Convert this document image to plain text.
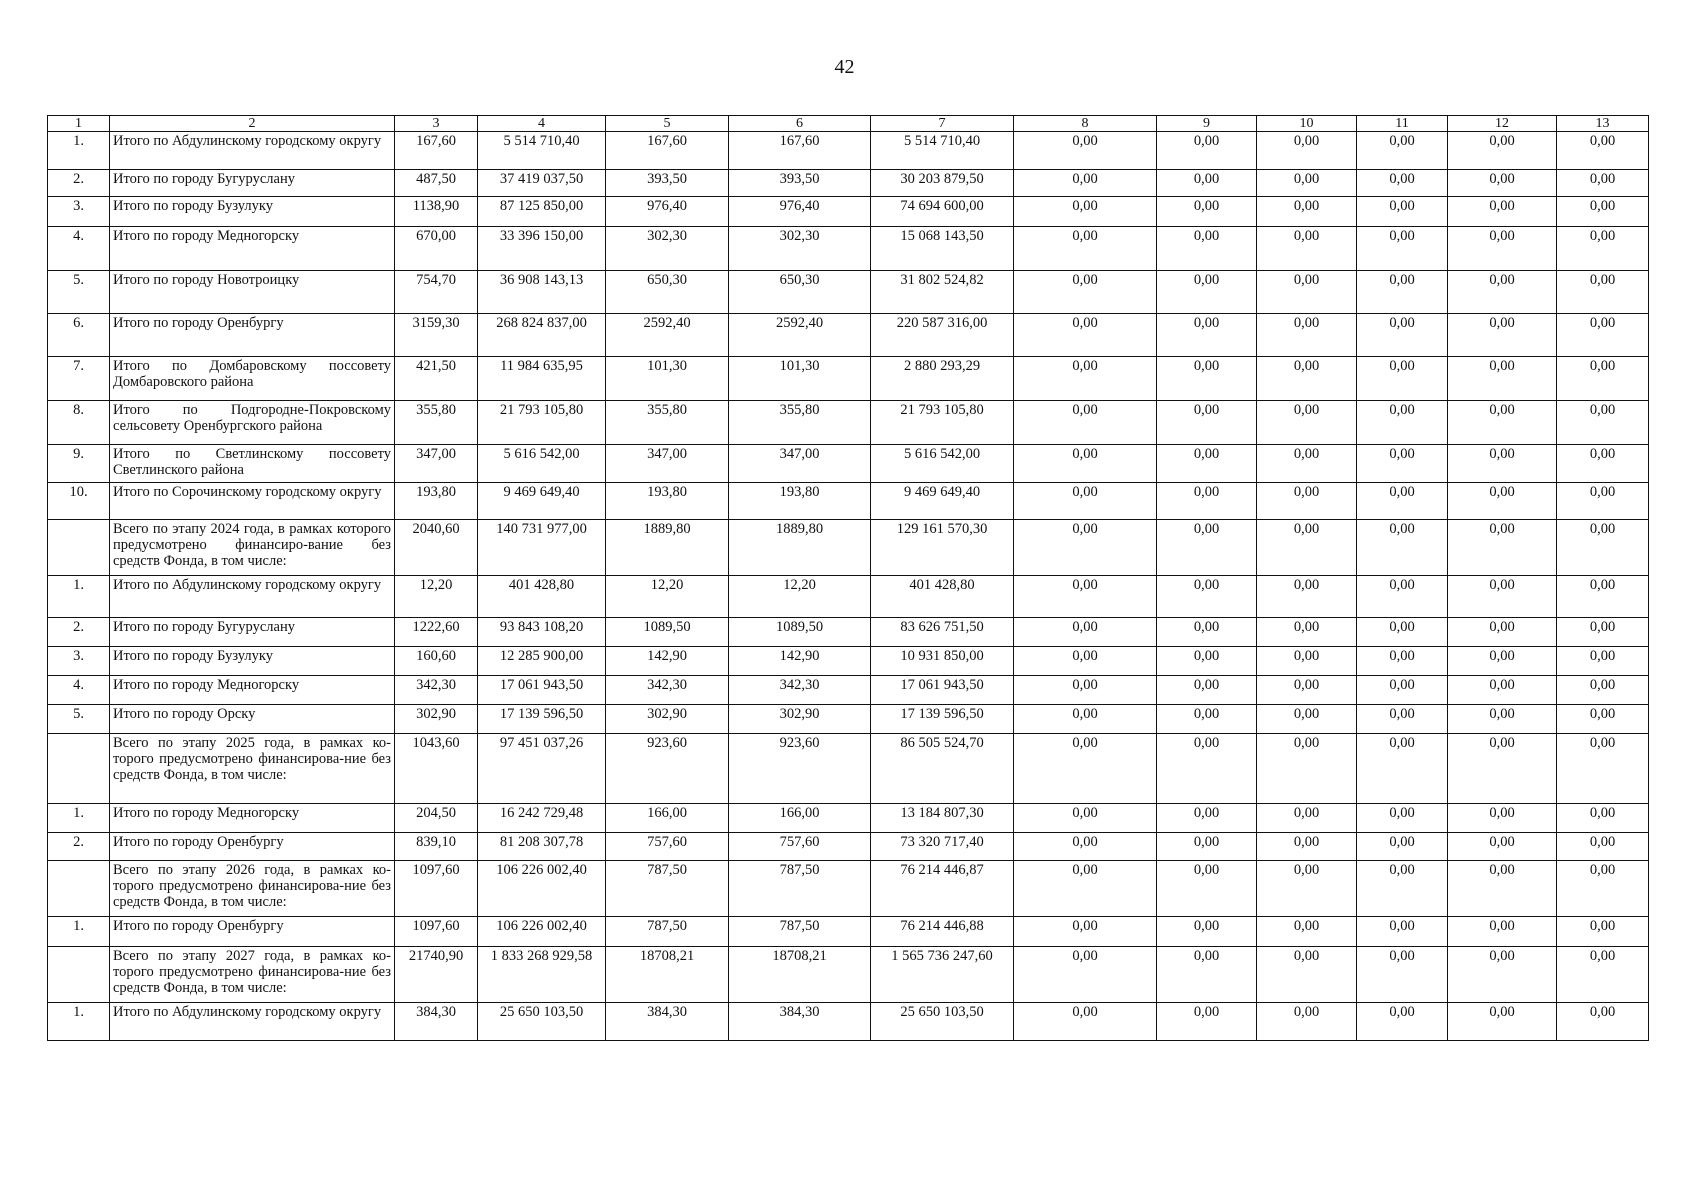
42
1	2	3	4	5	6	7	8	9	10	11	12	13
1.	Итого по Абдулинскому городскому округу	167,60	5 514 710,40	167,60	167,60	5 514 710,40	0,00	0,00	0,00	0,00	0,00	0,00
2.	Итого по городу Бугуруслану	487,50	37 419 037,50	393,50	393,50	30 203 879,50	0,00	0,00	0,00	0,00	0,00	0,00
3.	Итого по городу Бузулуку	1138,90	87 125 850,00	976,40	976,40	74 694 600,00	0,00	0,00	0,00	0,00	0,00	0,00
4.	Итого по городу Медногорску	670,00	33 396 150,00	302,30	302,30	15 068 143,50	0,00	0,00	0,00	0,00	0,00	0,00
5.	Итого по городу Новотроицку	754,70	36 908 143,13	650,30	650,30	31 802 524,82	0,00	0,00	0,00	0,00	0,00	0,00
6.	Итого по городу Оренбургу	3159,30	268 824 837,00	2592,40	2592,40	220 587 316,00	0,00	0,00	0,00	0,00	0,00	0,00
7.	Итого по Домбаровскому поссовету Домбаровского района	421,50	11 984 635,95	101,30	101,30	2 880 293,29	0,00	0,00	0,00	0,00	0,00	0,00
8.	Итого по Подгородне-Покровскому сельсовету Оренбургского района	355,80	21 793 105,80	355,80	355,80	21 793 105,80	0,00	0,00	0,00	0,00	0,00	0,00
9.	Итого по Светлинскому поссовету Светлинского района	347,00	5 616 542,00	347,00	347,00	5 616 542,00	0,00	0,00	0,00	0,00	0,00	0,00
10.	Итого по Сорочинскому городскому округу	193,80	9 469 649,40	193,80	193,80	9 469 649,40	0,00	0,00	0,00	0,00	0,00	0,00
	Всего по этапу 2024 года, в рамках которого предусмотрено финансиро-вание без средств Фонда, в том числе:	2040,60	140 731 977,00	1889,80	1889,80	129 161 570,30	0,00	0,00	0,00	0,00	0,00	0,00
1.	Итого по Абдулинскому городскому округу	12,20	401 428,80	12,20	12,20	401 428,80	0,00	0,00	0,00	0,00	0,00	0,00
2.	Итого по городу Бугуруслану	1222,60	93 843 108,20	1089,50	1089,50	83 626 751,50	0,00	0,00	0,00	0,00	0,00	0,00
3.	Итого по городу Бузулуку	160,60	12 285 900,00	142,90	142,90	10 931 850,00	0,00	0,00	0,00	0,00	0,00	0,00
4.	Итого по городу Медногорску	342,30	17 061 943,50	342,30	342,30	17 061 943,50	0,00	0,00	0,00	0,00	0,00	0,00
5.	Итого по городу Орску	302,90	17 139 596,50	302,90	302,90	17 139 596,50	0,00	0,00	0,00	0,00	0,00	0,00
	Всего по этапу 2025 года, в рамках ко-торого предусмотрено финансирова-ние без средств Фонда, в том числе:	1043,60	97 451 037,26	923,60	923,60	86 505 524,70	0,00	0,00	0,00	0,00	0,00	0,00
1.	Итого по городу Медногорску	204,50	16 242 729,48	166,00	166,00	13 184 807,30	0,00	0,00	0,00	0,00	0,00	0,00
2.	Итого по городу Оренбургу	839,10	81 208 307,78	757,60	757,60	73 320 717,40	0,00	0,00	0,00	0,00	0,00	0,00
	Всего по этапу 2026 года, в рамках ко-торого предусмотрено финансирова-ние без средств Фонда, в том числе:	1097,60	106 226 002,40	787,50	787,50	76 214 446,87	0,00	0,00	0,00	0,00	0,00	0,00
1.	Итого по городу Оренбургу	1097,60	106 226 002,40	787,50	787,50	76 214 446,88	0,00	0,00	0,00	0,00	0,00	0,00
	Всего по этапу 2027 года, в рамках ко-торого предусмотрено финансирова-ние без средств Фонда, в том числе:	21740,90	1 833 268 929,58	18708,21	18708,21	1 565 736 247,60	0,00	0,00	0,00	0,00	0,00	0,00
1.	Итого по Абдулинскому городскому округу	384,30	25 650 103,50	384,30	384,30	25 650 103,50	0,00	0,00	0,00	0,00	0,00	0,00
